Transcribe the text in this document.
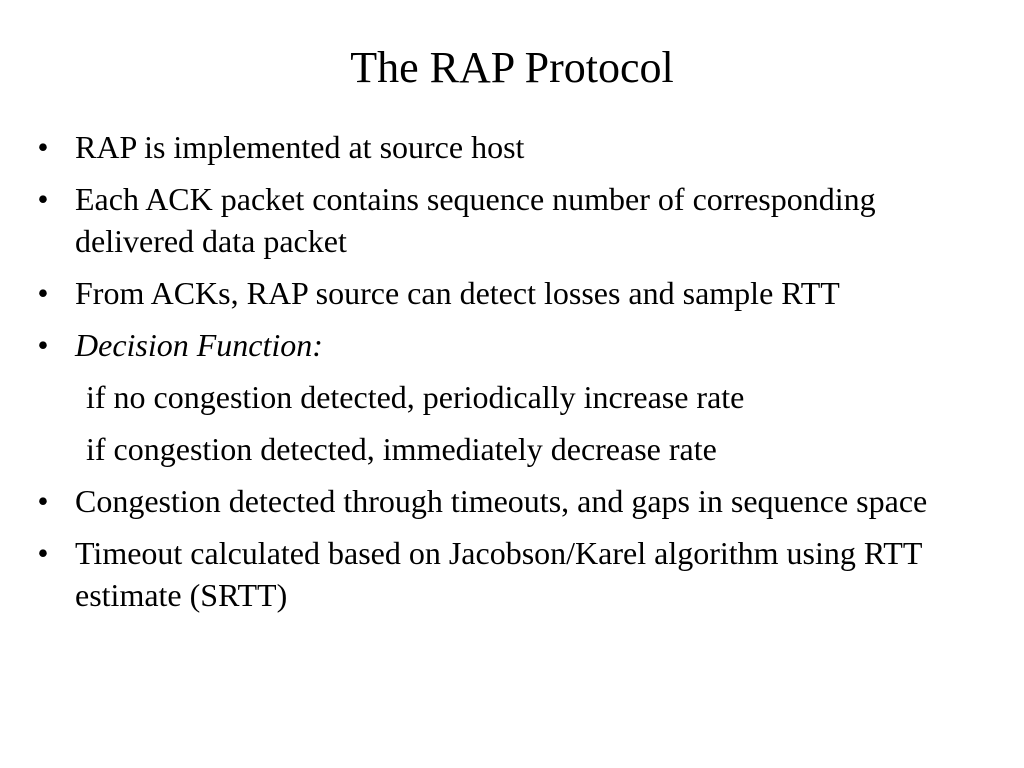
The RAP Protocol
• RAP is implemented at source host
• Each ACK packet contains sequence number of corresponding delivered data packet
• From ACKs, RAP source can detect losses and sample RTT
• Decision Function:
if no congestion detected, periodically increase rate
if congestion detected, immediately decrease rate
• Congestion detected through timeouts, and gaps in sequence space
• Timeout calculated based on Jacobson/Karel algorithm using RTT estimate (SRTT)
